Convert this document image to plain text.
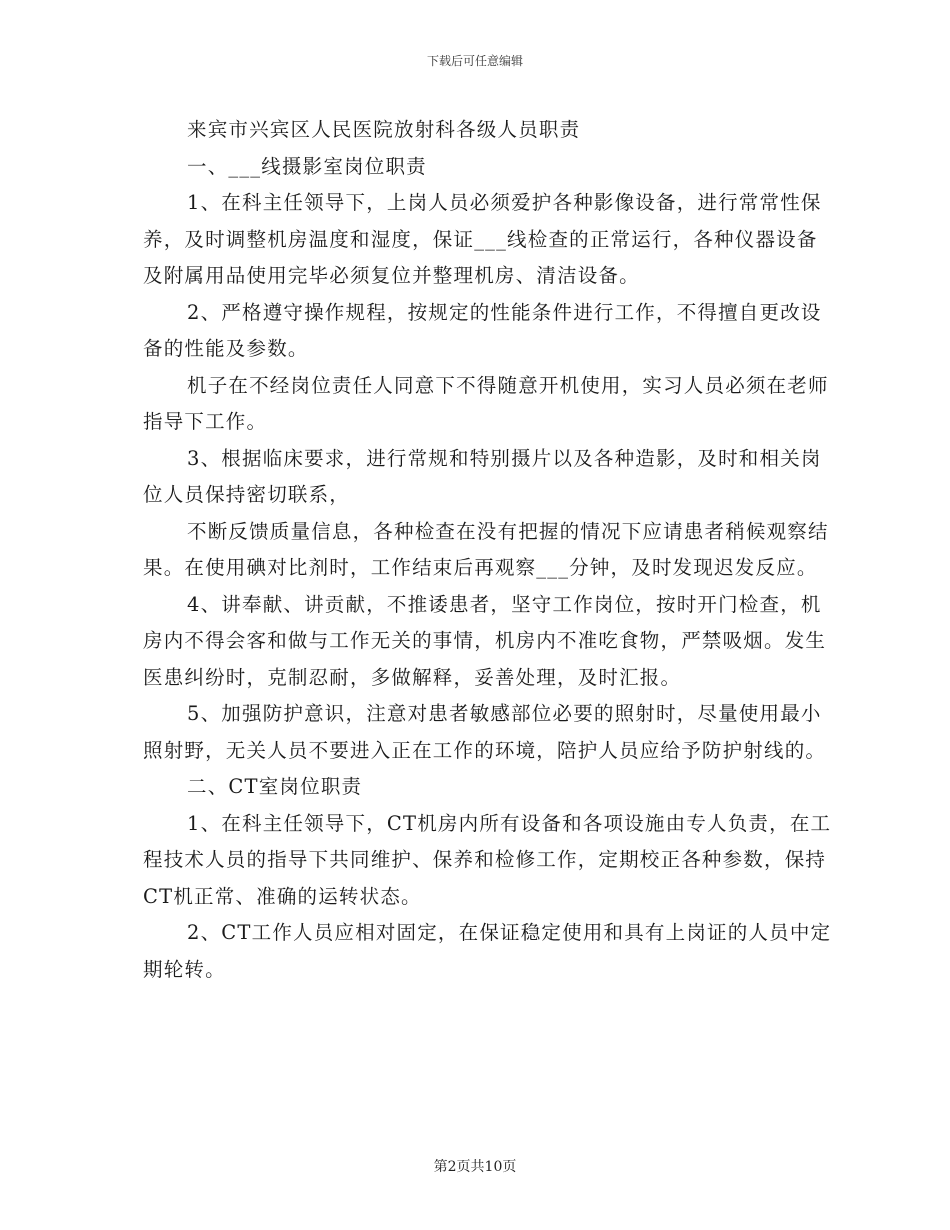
下载后可任意编辑

来宾市兴宾区人民医院放射科各级人员职责

一、___线摄影室岗位职责

1、在科主任领导下，上岗人员必须爱护各种影像设备，进行常常性保养，及时调整机房温度和湿度，保证___线检查的正常运行，各种仪器设备及附属用品使用完毕必须复位并整理机房、清洁设备。

2、严格遵守操作规程，按规定的性能条件进行工作，不得擅自更改设备的性能及参数。

机子在不经岗位责任人同意下不得随意开机使用，实习人员必须在老师指导下工作。

3、根据临床要求，进行常规和特别摄片以及各种造影，及时和相关岗位人员保持密切联系，

不断反馈质量信息，各种检查在没有把握的情况下应请患者稍候观察结果。在使用碘对比剂时，工作结束后再观察___分钟，及时发现迟发反应。

4、讲奉献、讲贡献，不推诿患者，坚守工作岗位，按时开门检查，机房内不得会客和做与工作无关的事情，机房内不准吃食物，严禁吸烟。发生医患纠纷时，克制忍耐，多做解释，妥善处理，及时汇报。

5、加强防护意识，注意对患者敏感部位必要的照射时，尽量使用最小照射野，无关人员不要进入正在工作的环境，陪护人员应给予防护射线的。

二、CT室岗位职责

1、在科主任领导下，CT机房内所有设备和各项设施由专人负责，在工程技术人员的指导下共同维护、保养和检修工作，定期校正各种参数，保持CT机正常、准确的运转状态。

2、CT工作人员应相对固定，在保证稳定使用和具有上岗证的人员中定期轮转。

第2页共10页
